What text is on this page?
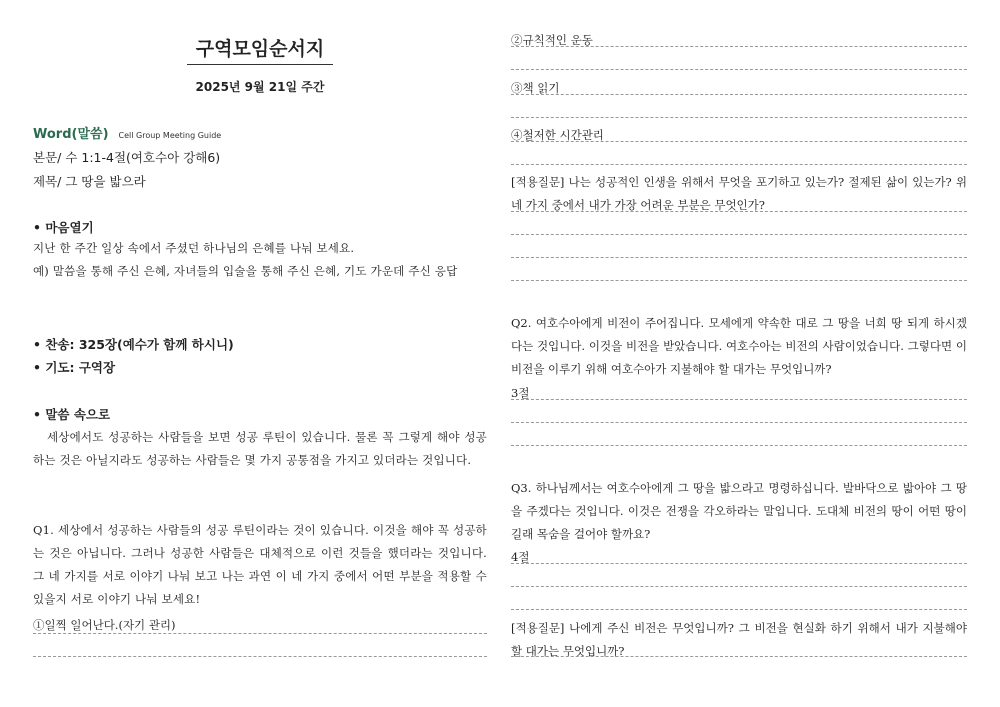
구역모임순서지
2025년 9월 21일 주간
Word(말씀) Cell Group Meeting Guide
본문/ 수 1:1-4절(여호수아 강해6)
제목/ 그 땅을 밟으라
• 마음열기
지난 한 주간 일상 속에서 주셨던 하나님의 은혜를 나눠 보세요.
예) 말씀을 통해 주신 은혜, 자녀들의 입술을 통해 주신 은혜, 기도 가운데 주신 응답
• 찬송: 325장(예수가 함께 하시니)
• 기도: 구역장
• 말씀 속으로
세상에서도 성공하는 사람들을 보면 성공 루틴이 있습니다. 물론 꼭 그렇게 해야 성공하는 것은 아닐지라도 성공하는 사람들은 몇 가지 공통점을 가지고 있더라는 것입니다.
Q1. 세상에서 성공하는 사람들의 성공 루틴이라는 것이 있습니다. 이것을 해야 꼭 성공하는 것은 아닙니다. 그러나 성공한 사람들은 대체적으로 이런 것들을 했더라는 것입니다. 그 네 가지를 서로 이야기 나눠 보고 나는 과연 이 네 가지 중에서 어떤 부분을 적용할 수 있을지 서로 이야기 나눠 보세요!
①일찍 일어난다.(자기 관리)
②규칙적인 운동
③책 읽기
④철저한 시간관리
[적용질문] 나는 성공적인 인생을 위해서 무엇을 포기하고 있는가? 절제된 삶이 있는가? 위 네 가지 중에서 내가 가장 어려운 부분은 무엇인가?
Q2. 여호수아에게 비전이 주어집니다. 모세에게 약속한 대로 그 땅을 너희 땅 되게 하시겠다는 것입니다. 이것을 비전을 받았습니다. 여호수아는 비전의 사람이었습니다. 그렇다면 이 비전을 이루기 위해 여호수아가 지불해야 할 대가는 무엇입니까?
3절
Q3. 하나님께서는 여호수아에게 그 땅을 밟으라고 명령하십니다. 발바닥으로 밟아야 그 땅을 주겠다는 것입니다. 이것은 전쟁을 각오하라는 말입니다. 도대체 비전의 땅이 어떤 땅이길래 목숨을 걸어야 할까요?
4절
[적용질문] 나에게 주신 비전은 무엇입니까? 그 비전을 현실화 하기 위해서 내가 지불해야 할 대가는 무엇입니까?
